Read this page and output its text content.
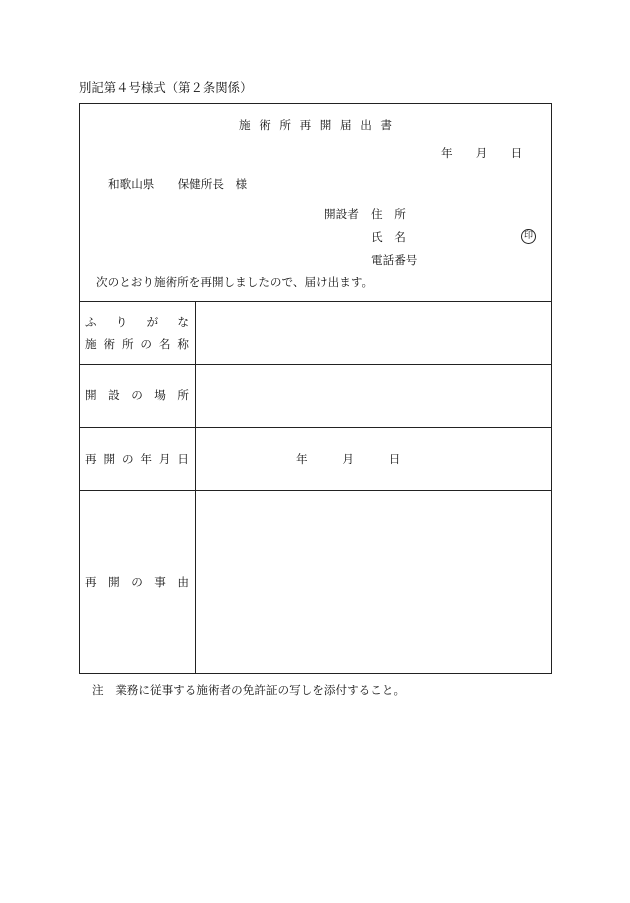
別記第４号様式（第２条関係）
施 術 所 再 開 届 出 書
年　　月　　日
和歌山県　　保健所長　様
開設者 住　所
氏　名	印
電話番号
次のとおり施術所を再開しましたので、届け出ます。
ふ り が な
施 術 所 の 名 称
開 設 の 場 所
再 開 の 年 月 日	年　　　月　　　日
再 開 の 事 由
注　業務に従事する施術者の免許証の写しを添付すること。
